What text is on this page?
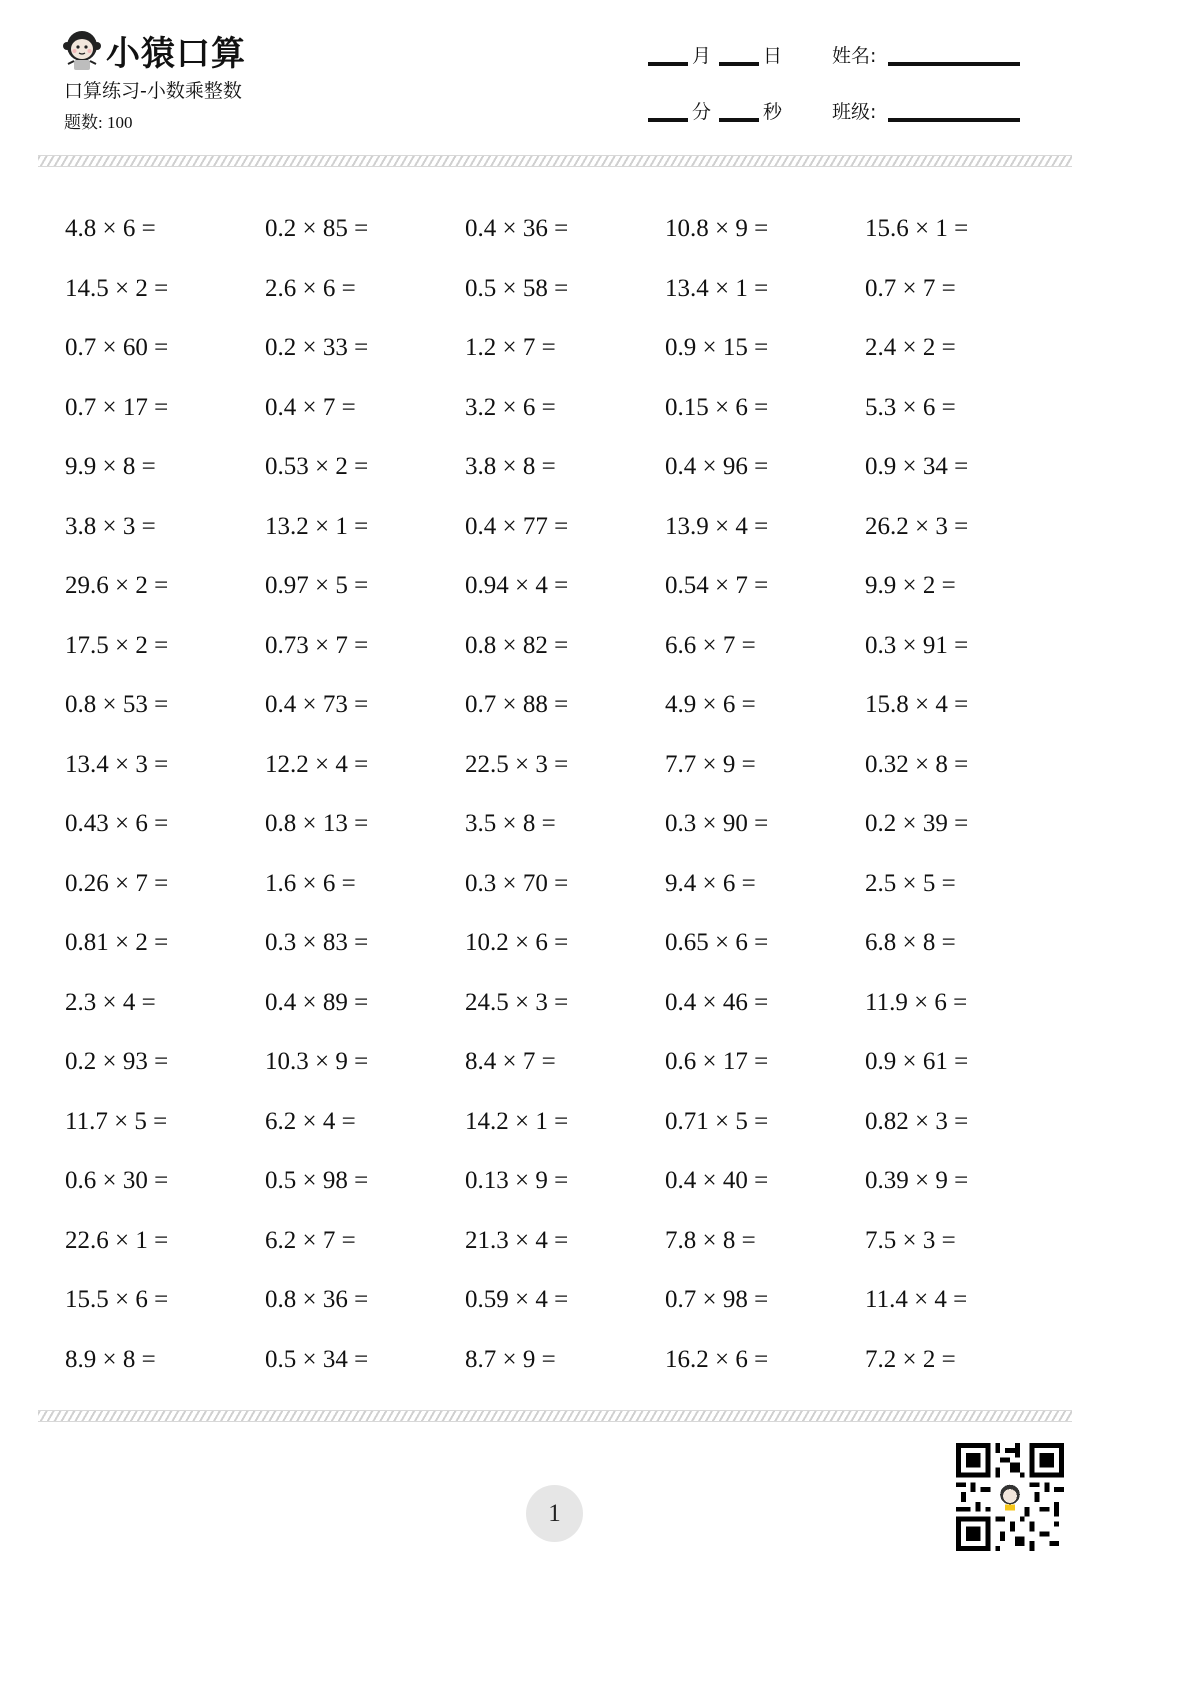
小猿口算
口算练习-小数乘整数
题数: 100
月	日	姓名:
分	秒	班级:
4.8 × 6 =	0.2 × 85 =	0.4 × 36 =	10.8 × 9 =	15.6 × 1 =
14.5 × 2 =	2.6 × 6 =	0.5 × 58 =	13.4 × 1 =	0.7 × 7 =
0.7 × 60 =	0.2 × 33 =	1.2 × 7 =	0.9 × 15 =	2.4 × 2 =
0.7 × 17 =	0.4 × 7 =	3.2 × 6 =	0.15 × 6 =	5.3 × 6 =
9.9 × 8 =	0.53 × 2 =	3.8 × 8 =	0.4 × 96 =	0.9 × 34 =
3.8 × 3 =	13.2 × 1 =	0.4 × 77 =	13.9 × 4 =	26.2 × 3 =
29.6 × 2 =	0.97 × 5 =	0.94 × 4 =	0.54 × 7 =	9.9 × 2 =
17.5 × 2 =	0.73 × 7 =	0.8 × 82 =	6.6 × 7 =	0.3 × 91 =
0.8 × 53 =	0.4 × 73 =	0.7 × 88 =	4.9 × 6 =	15.8 × 4 =
13.4 × 3 =	12.2 × 4 =	22.5 × 3 =	7.7 × 9 =	0.32 × 8 =
0.43 × 6 =	0.8 × 13 =	3.5 × 8 =	0.3 × 90 =	0.2 × 39 =
0.26 × 7 =	1.6 × 6 =	0.3 × 70 =	9.4 × 6 =	2.5 × 5 =
0.81 × 2 =	0.3 × 83 =	10.2 × 6 =	0.65 × 6 =	6.8 × 8 =
2.3 × 4 =	0.4 × 89 =	24.5 × 3 =	0.4 × 46 =	11.9 × 6 =
0.2 × 93 =	10.3 × 9 =	8.4 × 7 =	0.6 × 17 =	0.9 × 61 =
11.7 × 5 =	6.2 × 4 =	14.2 × 1 =	0.71 × 5 =	0.82 × 3 =
0.6 × 30 =	0.5 × 98 =	0.13 × 9 =	0.4 × 40 =	0.39 × 9 =
22.6 × 1 =	6.2 × 7 =	21.3 × 4 =	7.8 × 8 =	7.5 × 3 =
15.5 × 6 =	0.8 × 36 =	0.59 × 4 =	0.7 × 98 =	11.4 × 4 =
8.9 × 8 =	0.5 × 34 =	8.7 × 9 =	16.2 × 6 =	7.2 × 2 =
1
